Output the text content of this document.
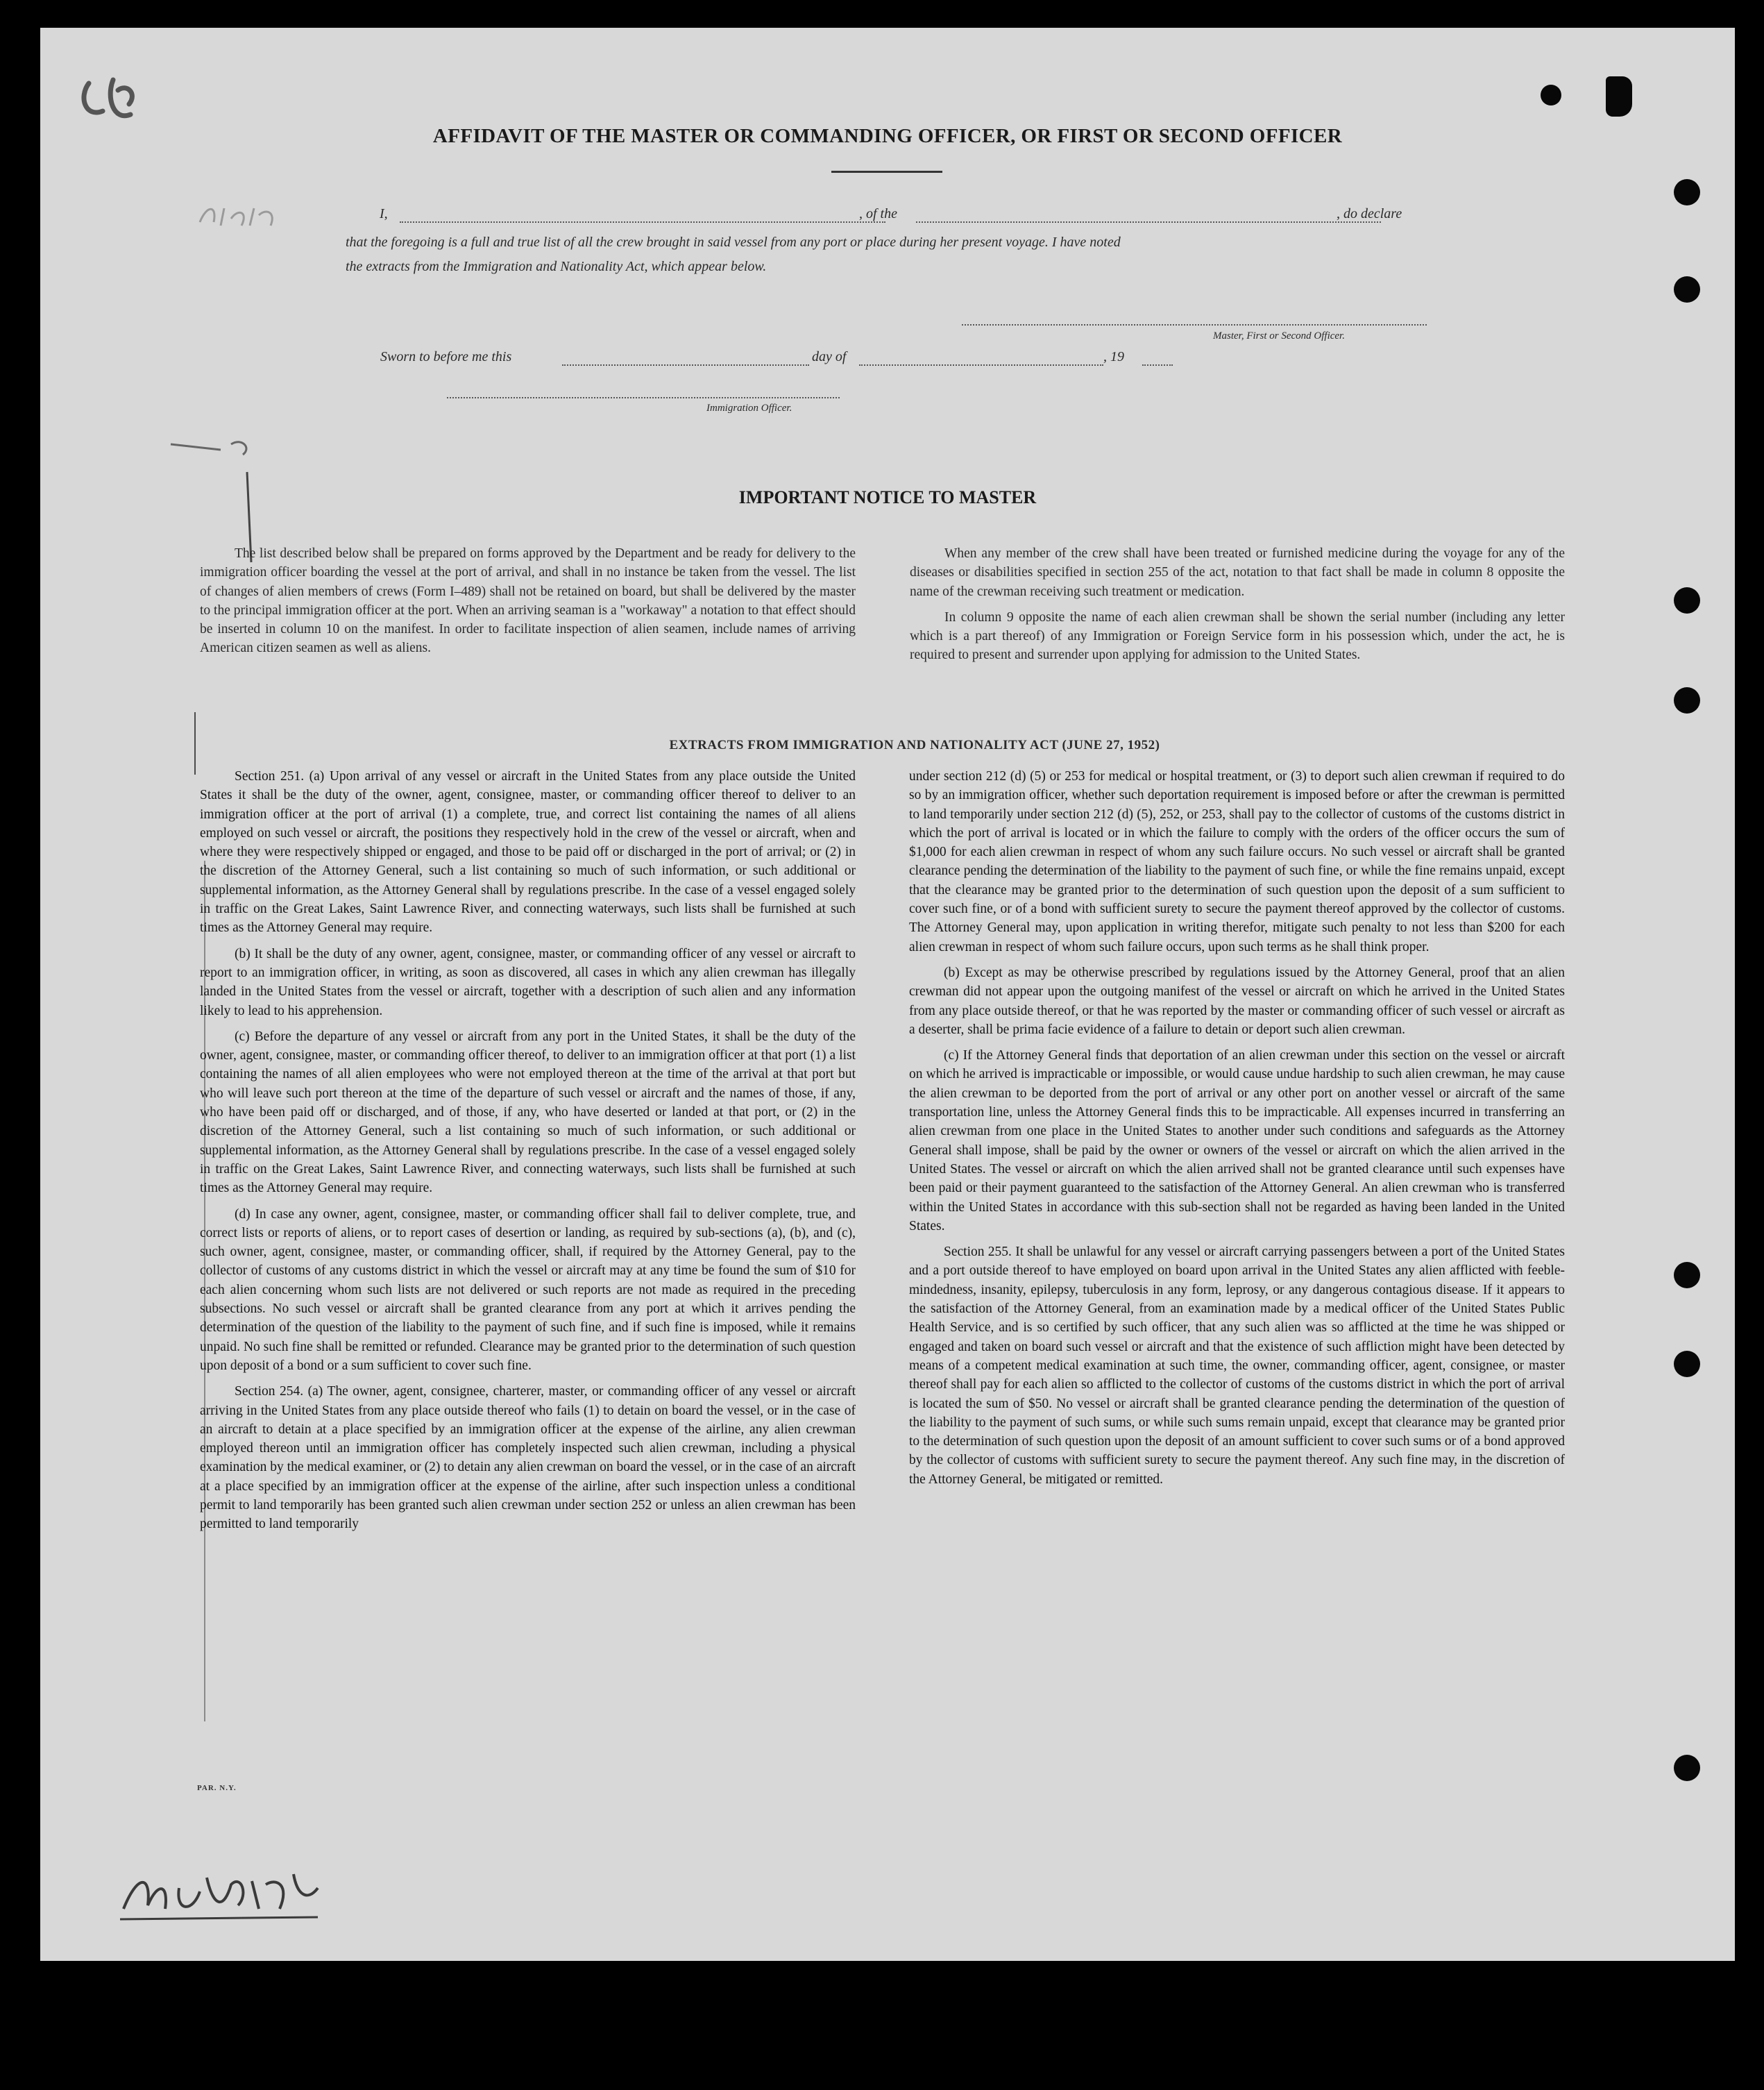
AFFIDAVIT OF THE MASTER OR COMMANDING OFFICER, OR FIRST OR SECOND OFFICER
I,	, of the	, do declare
that the foregoing is a full and true list of all the crew brought in said vessel from any port or place during her present voyage. I have noted
the extracts from the Immigration and Nationality Act, which appear below.
Master, First or Second Officer.
Sworn to before me this	day of	, 19
Immigration Officer.
IMPORTANT NOTICE TO MASTER

The list described below shall be prepared on forms approved by the Department and be ready for delivery to the immigration officer boarding the vessel at the port of arrival, and shall in no instance be taken from the vessel. The list of changes of alien members of crews (Form I–489) shall not be retained on board, but shall be delivered by the master to the principal immigration officer at the port. When an arriving seaman is a "workaway" a notation to that effect should be inserted in column 10 on the manifest. In order to facilitate inspection of alien seamen, include names of arriving American citizen seamen as well as aliens.

When any member of the crew shall have been treated or furnished medicine during the voyage for any of the diseases or disabilities specified in section 255 of the act, notation to that fact shall be made in column 8 opposite the name of the crewman receiving such treatment or medication.

In column 9 opposite the name of each alien crewman shall be shown the serial number (including any letter which is a part thereof) of any Immigration or Foreign Service form in his possession which, under the act, he is required to present and surrender upon applying for admission to the United States.

EXTRACTS FROM IMMIGRATION AND NATIONALITY ACT (JUNE 27, 1952)

Section 251. (a) Upon arrival of any vessel or aircraft in the United States from any place outside the United States it shall be the duty of the owner, agent, consignee, master, or commanding officer thereof to deliver to an immigration officer at the port of arrival (1) a complete, true, and correct list containing the names of all aliens employed on such vessel or aircraft, the positions they respectively hold in the crew of the vessel or aircraft, when and where they were respectively shipped or engaged, and those to be paid off or discharged in the port of arrival; or (2) in the discretion of the Attorney General, such a list containing so much of such information, or such additional or supplemental information, as the Attorney General shall by regulations prescribe. In the case of a vessel engaged solely in traffic on the Great Lakes, Saint Lawrence River, and connecting waterways, such lists shall be furnished at such times as the Attorney General may require.

(b) It shall be the duty of any owner, agent, consignee, master, or commanding officer of any vessel or aircraft to report to an immigration officer, in writing, as soon as discovered, all cases in which any alien crewman has illegally landed in the United States from the vessel or aircraft, together with a description of such alien and any information likely to lead to his apprehension.

(c) Before the departure of any vessel or aircraft from any port in the United States, it shall be the duty of the owner, agent, consignee, master, or commanding officer thereof, to deliver to an immigration officer at that port (1) a list containing the names of all alien employees who were not employed thereon at the time of the arrival at that port but who will leave such port thereon at the time of the departure of such vessel or aircraft and the names of those, if any, who have been paid off or discharged, and of those, if any, who have deserted or landed at that port, or (2) in the discretion of the Attorney General, such a list containing so much of such information, or such additional or supplemental information, as the Attorney General shall by regulations prescribe. In the case of a vessel engaged solely in traffic on the Great Lakes, Saint Lawrence River, and connecting waterways, such lists shall be furnished at such times as the Attorney General may require.

(d) In case any owner, agent, consignee, master, or commanding officer shall fail to deliver complete, true, and correct lists or reports of aliens, or to report cases of desertion or landing, as required by sub-sections (a), (b), and (c), such owner, agent, consignee, master, or commanding officer, shall, if required by the Attorney General, pay to the collector of customs of any customs district in which the vessel or aircraft may at any time be found the sum of $10 for each alien concerning whom such lists are not delivered or such reports are not made as required in the preceding subsections. No such vessel or aircraft shall be granted clearance from any port at which it arrives pending the determination of the question of the liability to the payment of such fine, and if such fine is imposed, while it remains unpaid. No such fine shall be remitted or refunded. Clearance may be granted prior to the determination of such question upon deposit of a bond or a sum sufficient to cover such fine.

Section 254. (a) The owner, agent, consignee, charterer, master, or commanding officer of any vessel or aircraft arriving in the United States from any place outside thereof who fails (1) to detain on board the vessel, or in the case of an aircraft to detain at a place specified by an immigration officer at the expense of the airline, any alien crewman employed thereon until an immigration officer has completely inspected such alien crewman, including a physical examination by the medical examiner, or (2) to detain any alien crewman on board the vessel, or in the case of an aircraft at a place specified by an immigration officer at the expense of the airline, after such inspection unless a conditional permit to land temporarily has been granted such alien crewman under section 252 or unless an alien crewman has been permitted to land temporarily

under section 212 (d) (5) or 253 for medical or hospital treatment, or (3) to deport such alien crewman if required to do so by an immigration officer, whether such deportation requirement is imposed before or after the crewman is permitted to land temporarily under section 212 (d) (5), 252, or 253, shall pay to the collector of customs of the customs district in which the port of arrival is located or in which the failure to comply with the orders of the officer occurs the sum of $1,000 for each alien crewman in respect of whom any such failure occurs. No such vessel or aircraft shall be granted clearance pending the determination of the liability to the payment of such fine, or while the fine remains unpaid, except that the clearance may be granted prior to the determination of such question upon the deposit of a sum sufficient to cover such fine, or of a bond with sufficient surety to secure the payment thereof approved by the collector of customs. The Attorney General may, upon application in writing therefor, mitigate such penalty to not less than $200 for each alien crewman in respect of whom such failure occurs, upon such terms as he shall think proper.

(b) Except as may be otherwise prescribed by regulations issued by the Attorney General, proof that an alien crewman did not appear upon the outgoing manifest of the vessel or aircraft on which he arrived in the United States from any place outside thereof, or that he was reported by the master or commanding officer of such vessel or aircraft as a deserter, shall be prima facie evidence of a failure to detain or deport such alien crewman.

(c) If the Attorney General finds that deportation of an alien crewman under this section on the vessel or aircraft on which he arrived is impracticable or impossible, or would cause undue hardship to such alien crewman, he may cause the alien crewman to be deported from the port of arrival or any other port on another vessel or aircraft of the same transportation line, unless the Attorney General finds this to be impracticable. All expenses incurred in transferring an alien crewman from one place in the United States to another under such conditions and safeguards as the Attorney General shall impose, shall be paid by the owner or owners of the vessel or aircraft on which the alien arrived in the United States. The vessel or aircraft on which the alien arrived shall not be granted clearance until such expenses have been paid or their payment guaranteed to the satisfaction of the Attorney General. An alien crewman who is transferred within the United States in accordance with this sub-section shall not be regarded as having been landed in the United States.

Section 255. It shall be unlawful for any vessel or aircraft carrying passengers between a port of the United States and a port outside thereof to have employed on board upon arrival in the United States any alien afflicted with feeble-mindedness, insanity, epilepsy, tuberculosis in any form, leprosy, or any dangerous contagious disease. If it appears to the satisfaction of the Attorney General, from an examination made by a medical officer of the United States Public Health Service, and is so certified by such officer, that any such alien was so afflicted at the time he was shipped or engaged and taken on board such vessel or aircraft and that the existence of such affliction might have been detected by means of a competent medical examination at such time, the owner, commanding officer, agent, consignee, or master thereof shall pay for each alien so afflicted to the collector of customs of the customs district in which the port of arrival is located the sum of $50. No vessel or aircraft shall be granted clearance pending the determination of the question of the liability to the payment of such sums, or while such sums remain unpaid, except that clearance may be granted prior to the determination of such question upon the deposit of an amount sufficient to cover such sums or of a bond approved by the collector of customs with sufficient surety to secure the payment thereof. Any such fine may, in the discretion of the Attorney General, be mitigated or remitted.

PAR. N.Y.
